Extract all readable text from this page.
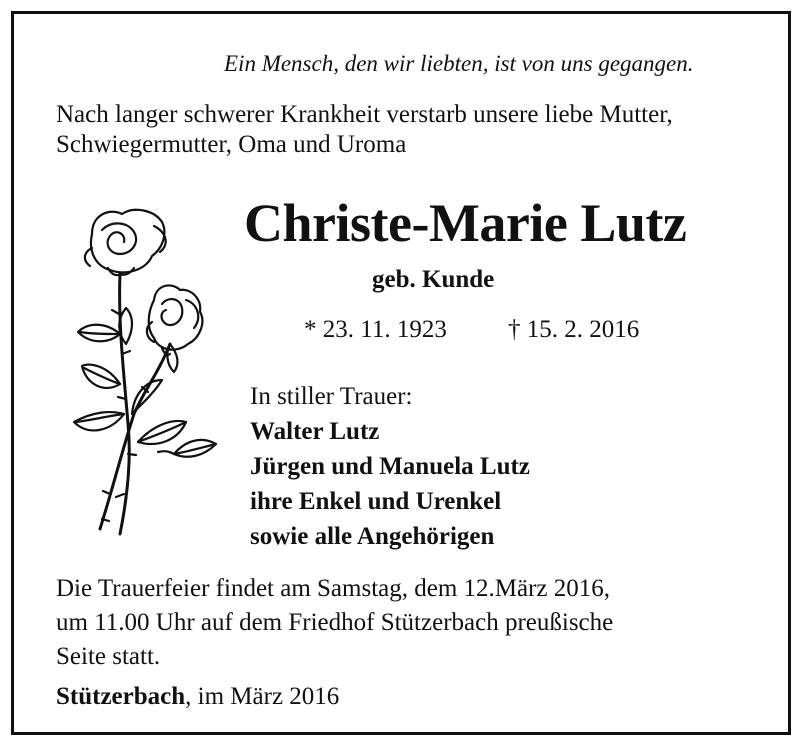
Ein Mensch, den wir liebten, ist von uns gegangen.

Nach langer schwerer Krankheit verstarb unsere liebe Mutter,
Schwiegermutter, Oma und Uroma
Christe-Marie Lutz

geb. Kunde

* 23. 11. 1923 † 15. 2. 2016

In stiller Trauer:

Walter Lutz

Jürgen und Manuela Lutz

ihre Enkel und Urenkel

sowie alle Angehörigen

Die Trauerfeier findet am Samstag, dem 12.März 2016,
um 11.00 Uhr auf dem Friedhof Stützerbach preußische
Seite statt.

Stützerbach, im März 2016
